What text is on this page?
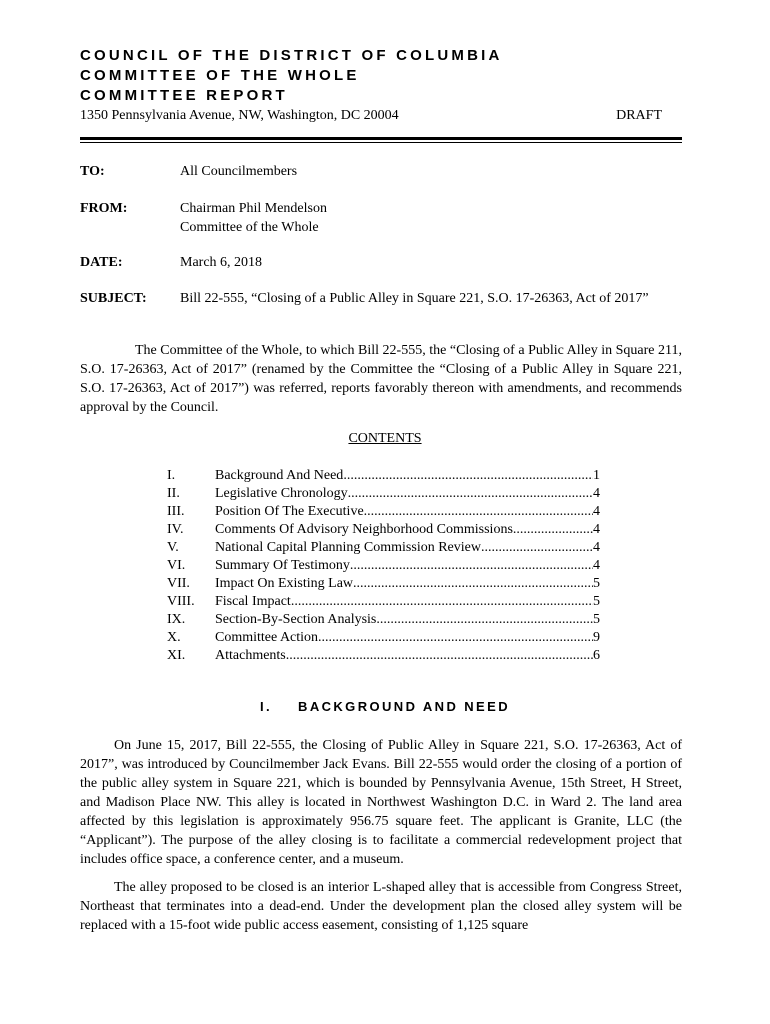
COUNCIL OF THE DISTRICT OF COLUMBIA
COMMITTEE OF THE WHOLE
COMMITTEE REPORT
1350 Pennsylvania Avenue, NW, Washington, DC 20004	DRAFT
TO:	All Councilmembers
FROM:	Chairman Phil Mendelson
Committee of the Whole
DATE:	March 6, 2018
SUBJECT: Bill 22-555, “Closing of a Public Alley in Square 221, S.O. 17-26363, Act of 2017”

The Committee of the Whole, to which Bill 22-555, the “Closing of a Public Alley in Square 211, S.O. 17-26363, Act of 2017” (renamed by the Committee the “Closing of a Public Alley in Square 221, S.O. 17-26363, Act of 2017”) was referred, reports favorably thereon with amendments, and recommends approval by the Council.

CONTENTS
I.	Background And Need .....	1
II.	Legislative Chronology .....	4
III.	Position Of The Executive .....	4
IV.	Comments Of Advisory Neighborhood Commissions .....	4
V.	National Capital Planning Commission Review .....	4
VI.	Summary Of Testimony .....	4
VII.	Impact On Existing Law .....	5
VIII.	Fiscal Impact .....	5
IX.	Section-By-Section Analysis .....	5
X.	Committee Action .....	9
XI.	Attachments .....	6
I. BACKGROUND AND NEED

On June 15, 2017, Bill 22-555, the Closing of Public Alley in Square 221, S.O. 17-26363, Act of 2017”, was introduced by Councilmember Jack Evans. Bill 22-555 would order the closing of a portion of the public alley system in Square 221, which is bounded by Pennsylvania Avenue, 15th Street, H Street, and Madison Place NW. This alley is located in Northwest Washington D.C. in Ward 2. The land area affected by this legislation is approximately 956.75 square feet. The applicant is Granite, LLC (the “Applicant”). The purpose of the alley closing is to facilitate a commercial redevelopment project that includes office space, a conference center, and a museum.

The alley proposed to be closed is an interior L-shaped alley that is accessible from Congress Street, Northeast that terminates into a dead-end. Under the development plan the closed alley system will be replaced with a 15-foot wide public access easement, consisting of 1,125 square
